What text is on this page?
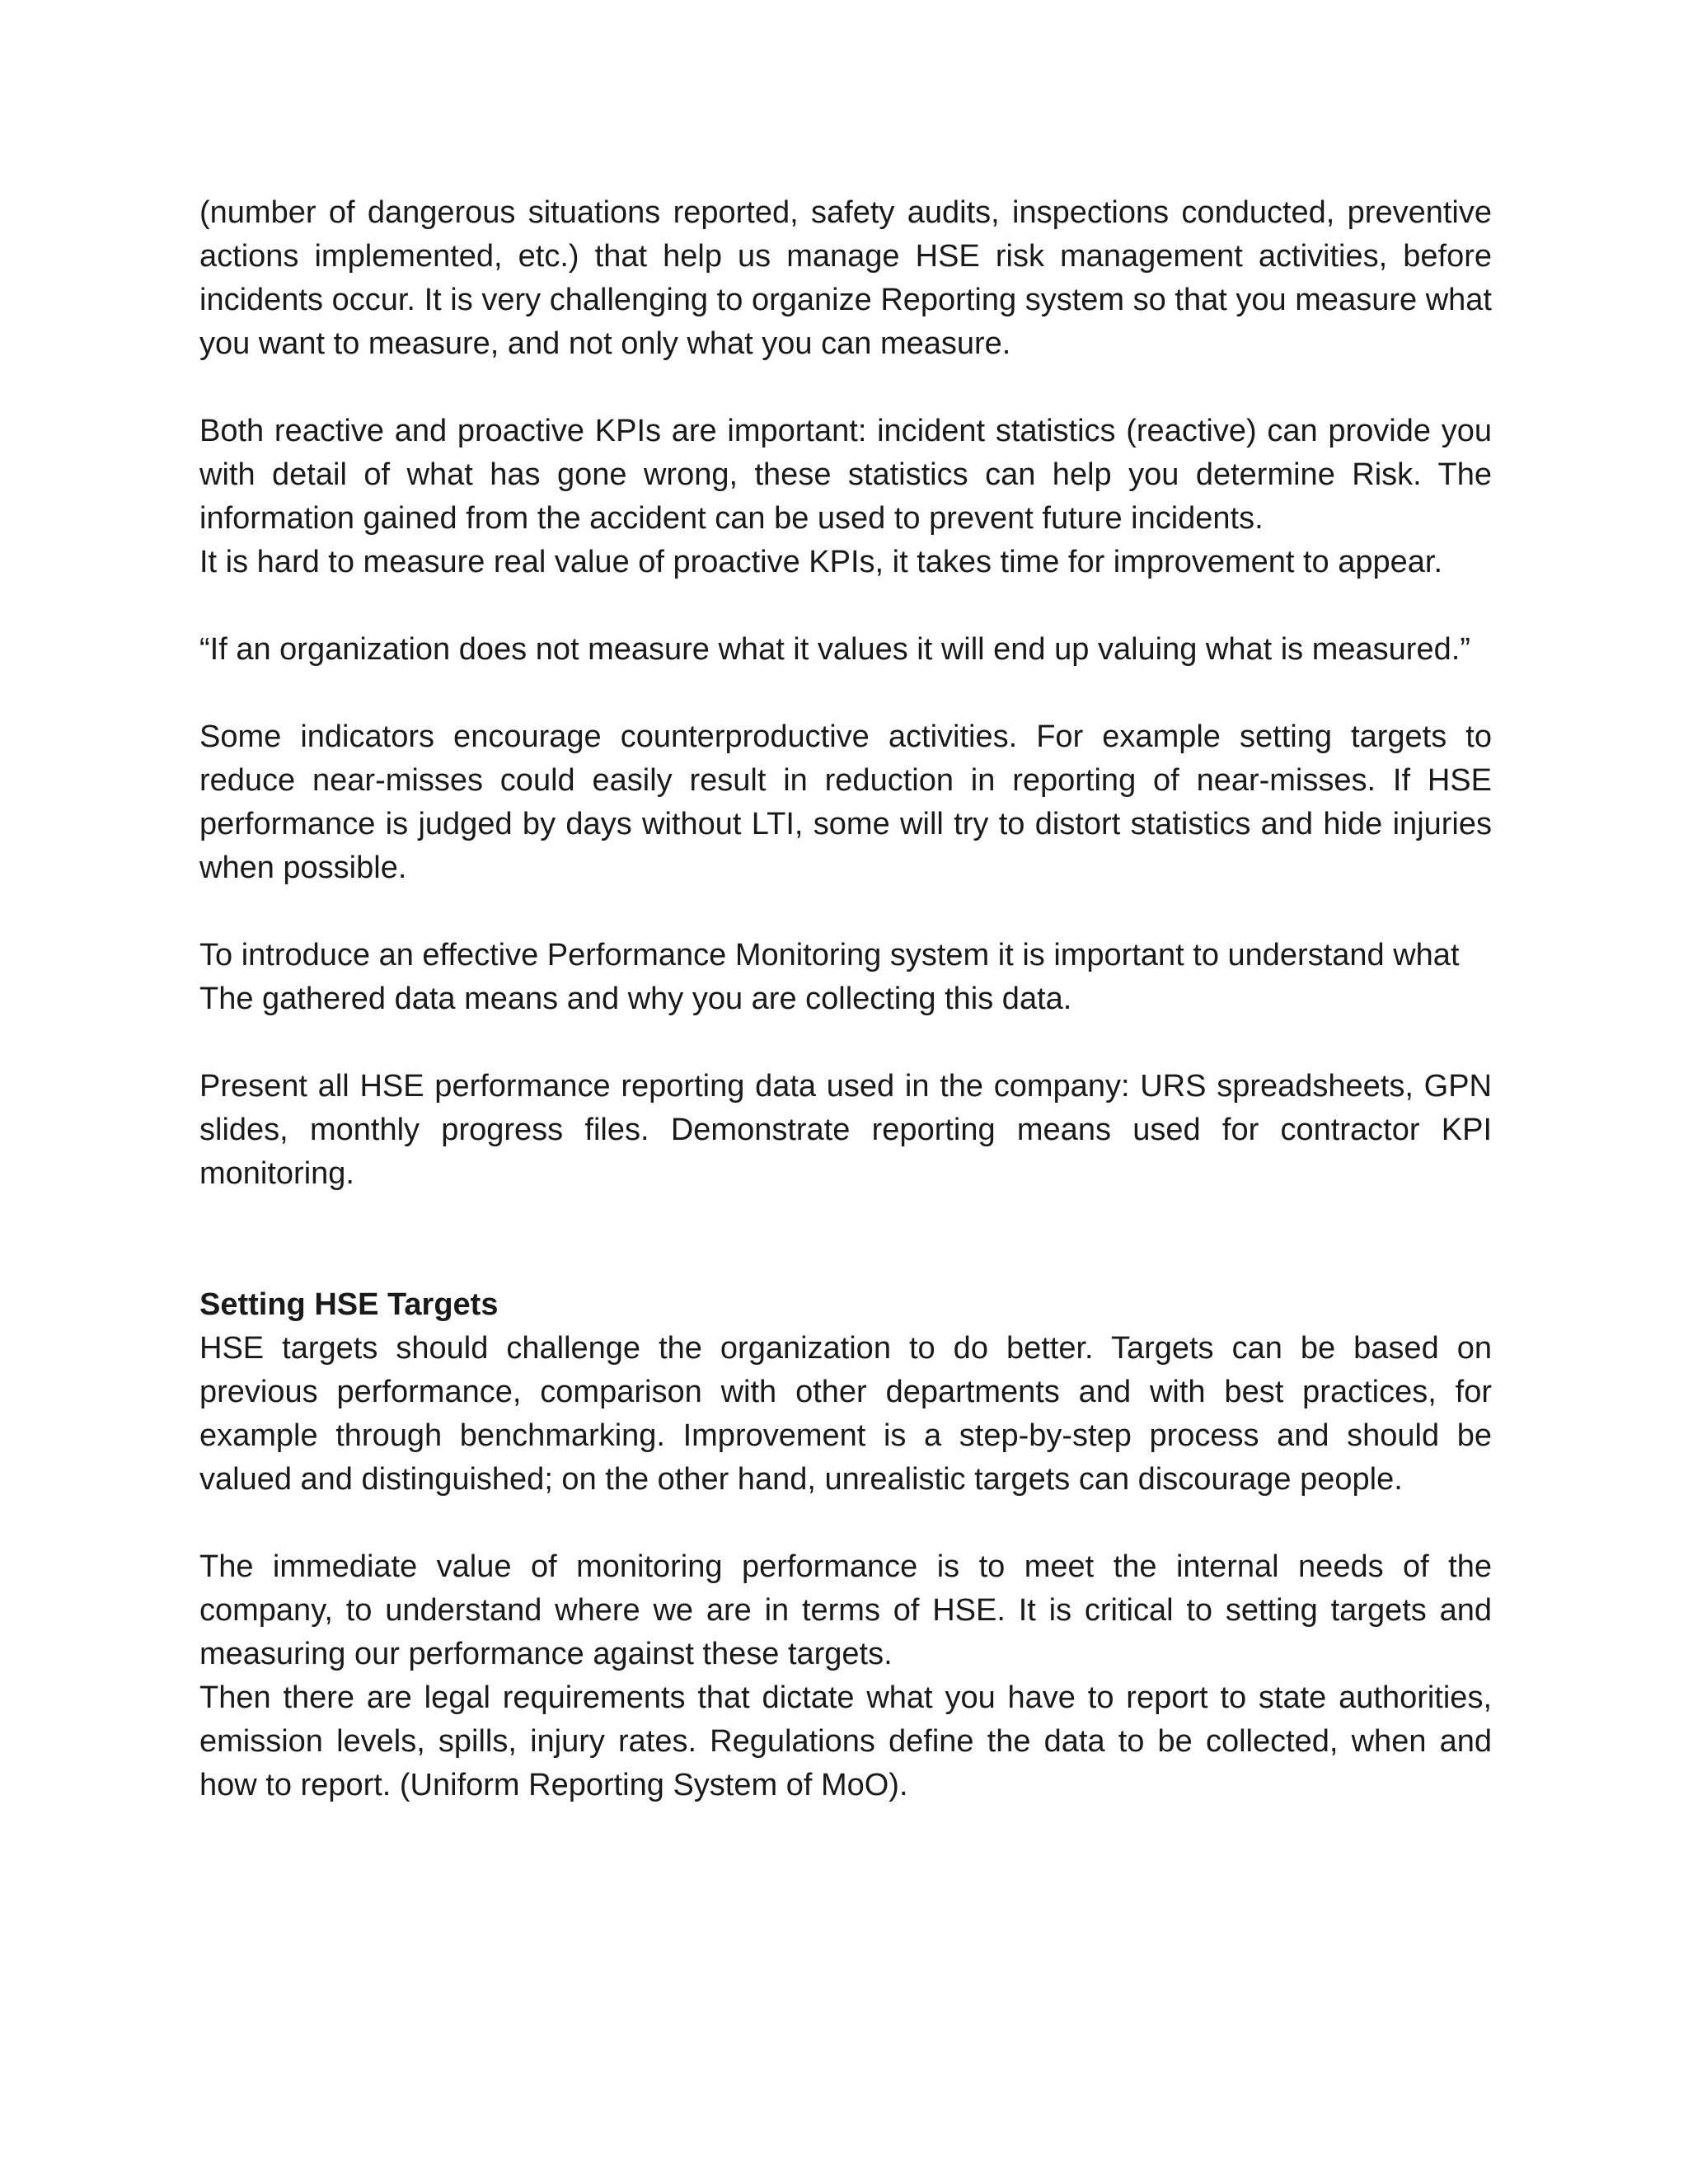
(number of dangerous situations reported, safety audits, inspections conducted, preventive actions implemented, etc.) that help us manage HSE risk management activities, before incidents occur. It is very challenging to organize Reporting system so that you measure what you want to measure, and not only what you can measure.

Both reactive and proactive KPIs are important: incident statistics (reactive) can provide you with detail of what has gone wrong, these statistics can help you determine Risk. The information gained from the accident can be used to prevent future incidents.

It is hard to measure real value of proactive KPIs, it takes time for improvement to appear.

“If an organization does not measure what it values it will end up valuing what is measured.”

Some indicators encourage counterproductive activities. For example setting targets to reduce near-misses could easily result in reduction in reporting of near-misses. If HSE performance is judged by days without LTI, some will try to distort statistics and hide injuries when possible.

To introduce an effective Performance Monitoring system it is important to understand what

The gathered data means and why you are collecting this data.

Present all HSE performance reporting data used in the company: URS spreadsheets, GPN slides, monthly progress files. Demonstrate reporting means used for contractor KPI monitoring.

Setting HSE Targets

HSE targets should challenge the organization to do better. Targets can be based on previous performance, comparison with other departments and with best practices, for example through benchmarking. Improvement is a step-by-step process and should be valued and distinguished; on the other hand, unrealistic targets can discourage people.

The immediate value of monitoring performance is to meet the internal needs of the company, to understand where we are in terms of HSE. It is critical to setting targets and measuring our performance against these targets.

Then there are legal requirements that dictate what you have to report to state authorities, emission levels, spills, injury rates. Regulations define the data to be collected, when and how to report. (Uniform Reporting System of MoO).
